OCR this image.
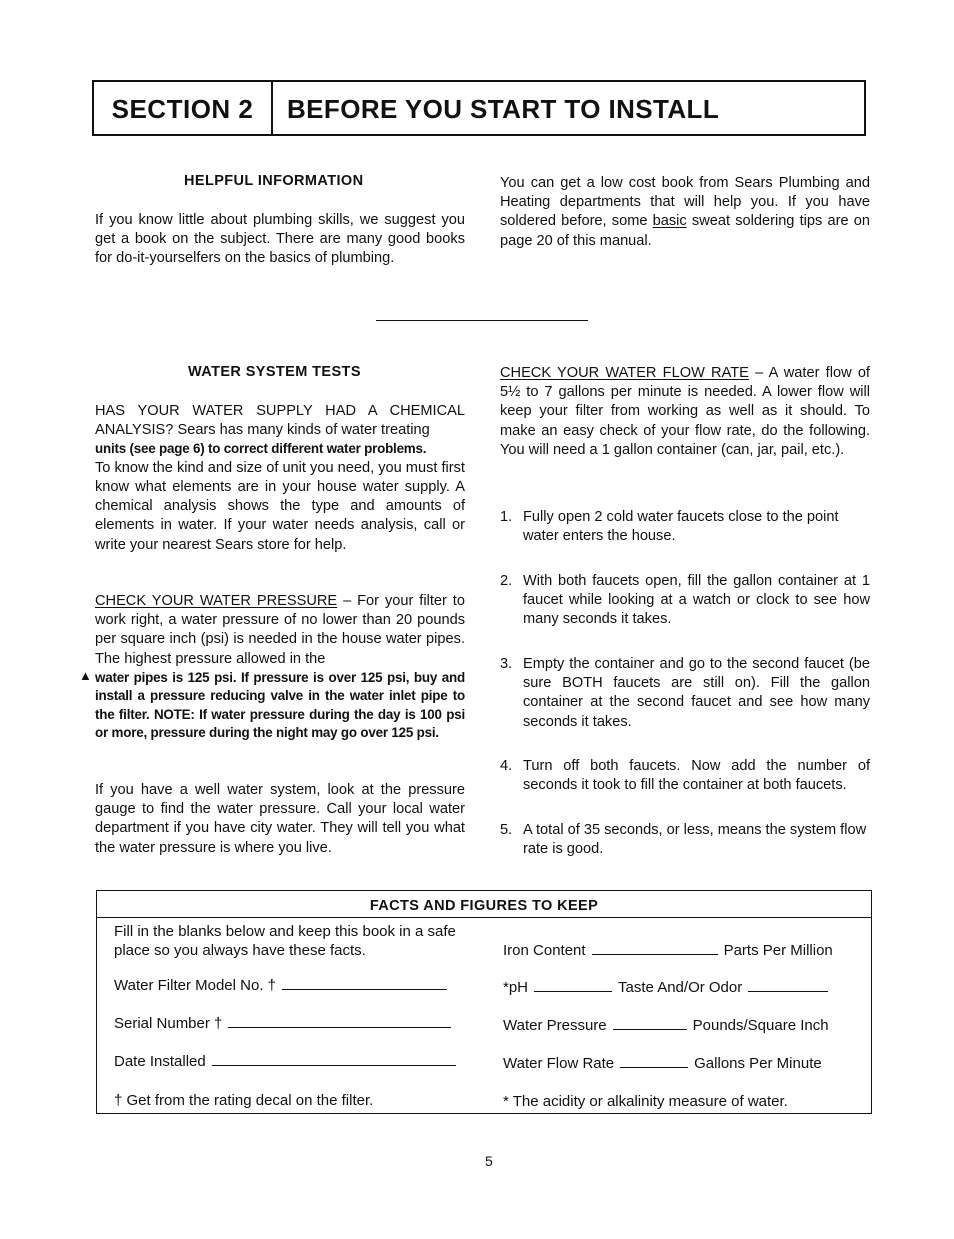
SECTION 2	BEFORE YOU START TO INSTALL
HELPFUL INFORMATION
If you know little about plumbing skills, we suggest you get a book on the subject. There are many good books for do-it-yourselfers on the basics of plumbing.
You can get a low cost book from Sears Plumbing and Heating departments that will help you. If you have soldered before, some basic sweat soldering tips are on page 20 of this manual.
WATER SYSTEM TESTS
HAS YOUR WATER SUPPLY HAD A CHEMICAL ANALYSIS? Sears has many kinds of water treating
units (see page 6) to correct different water problems.
To know the kind and size of unit you need, you must first know what elements are in your house water supply. A chemical analysis shows the type and amounts of elements in water. If your water needs analysis, call or write your nearest Sears store for help.
CHECK YOUR WATER PRESSURE – For your filter to work right, a water pressure of no lower than 20 pounds per square inch (psi) is needed in the house water pipes. The highest pressure allowed in the
water pipes is 125 psi. If pressure is over 125 psi, buy and install a pressure reducing valve in the water inlet pipe to the filter. NOTE: If water pressure during the day is 100 psi or more, pressure during the night may go over 125 psi.
▲
If you have a well water system, look at the pressure gauge to find the water pressure. Call your local water department if you have city water. They will tell you what the water pressure is where you live.
CHECK YOUR WATER FLOW RATE – A water flow of 5½ to 7 gallons per minute is needed. A lower flow will keep your filter from working as well as it should. To make an easy check of your flow rate, do the following. You will need a 1 gallon container (can, jar, pail, etc.).
1. Fully open 2 cold water faucets close to the point water enters the house.
2. With both faucets open, fill the gallon container at 1 faucet while looking at a watch or clock to see how many seconds it takes.
3. Empty the container and go to the second faucet (be sure BOTH faucets are still on). Fill the gallon container at the second faucet and see how many seconds it takes.
4. Turn off both faucets. Now add the number of seconds it took to fill the container at both faucets.
5. A total of 35 seconds, or less, means the system flow rate is good.
FACTS AND FIGURES TO KEEP
Fill in the blanks below and keep this book in a safe place so you always have these facts.
Water Filter Model No. †
Serial Number †
Date Installed
† Get from the rating decal on the filter.
Iron Content	Parts Per Million
*pH	Taste And/Or Odor
Water Pressure	Pounds/Square Inch
Water Flow Rate	Gallons Per Minute
* The acidity or alkalinity measure of water.
5
